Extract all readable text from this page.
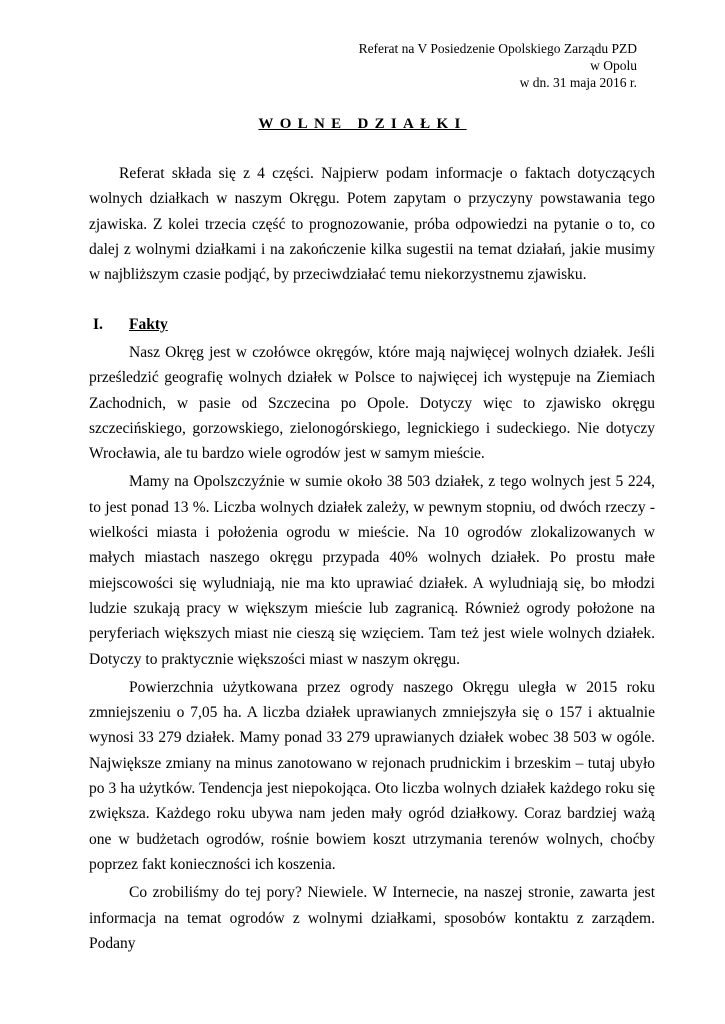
Referat na V Posiedzenie Opolskiego Zarządu PZD
w Opolu
w dn. 31 maja 2016 r.
WOLNE DZIAŁKI

Referat składa się z 4 części. Najpierw podam informacje o faktach dotyczących wolnych działkach w naszym Okręgu. Potem zapytam o przyczyny powstawania tego zjawiska. Z kolei trzecia część to prognozowanie, próba odpowiedzi na pytanie o to, co dalej z wolnymi działkami i na zakończenie kilka sugestii na temat działań, jakie musimy w najbliższym czasie podjąć, by przeciwdziałać temu niekorzystnemu zjawisku.

I. Fakty

Nasz Okręg jest w czołówce okręgów, które mają najwięcej wolnych działek. Jeśli prześledzić geografię wolnych działek w Polsce to najwięcej ich występuje na Ziemiach Zachodnich, w pasie od Szczecina po Opole. Dotyczy więc to zjawisko okręgu szczecińskiego, gorzowskiego, zielonogórskiego, legnickiego i sudeckiego. Nie dotyczy Wrocławia, ale tu bardzo wiele ogrodów jest w samym mieście.

Mamy na Opolszczyźnie w sumie około 38 503 działek, z tego wolnych jest 5 224, to jest ponad 13 %. Liczba wolnych działek zależy, w pewnym stopniu, od dwóch rzeczy - wielkości miasta i położenia ogrodu w mieście. Na 10 ogrodów zlokalizowanych w małych miastach naszego okręgu przypada 40% wolnych działek. Po prostu małe miejscowości się wyludniają, nie ma kto uprawiać działek. A wyludniają się, bo młodzi ludzie szukają pracy w większym mieście lub zagranicą. Również ogrody położone na peryferiach większych miast nie cieszą się wzięciem. Tam też jest wiele wolnych działek. Dotyczy to praktycznie większości miast w naszym okręgu.

Powierzchnia użytkowana przez ogrody naszego Okręgu uległa w 2015 roku zmniejszeniu o 7,05 ha. A liczba działek uprawianych zmniejszyła się o 157 i aktualnie wynosi 33 279 działek. Mamy ponad 33 279 uprawianych działek wobec 38 503 w ogóle. Największe zmiany na minus zanotowano w rejonach prudnickim i brzeskim – tutaj ubyło po 3 ha użytków. Tendencja jest niepokojąca. Oto liczba wolnych działek każdego roku się zwiększa. Każdego roku ubywa nam jeden mały ogród działkowy. Coraz bardziej ważą one w budżetach ogrodów, rośnie bowiem koszt utrzymania terenów wolnych, choćby poprzez fakt konieczności ich koszenia.

Co zrobiliśmy do tej pory? Niewiele. W Internecie, na naszej stronie, zawarta jest informacja na temat ogrodów z wolnymi działkami, sposobów kontaktu z zarządem. Podany
